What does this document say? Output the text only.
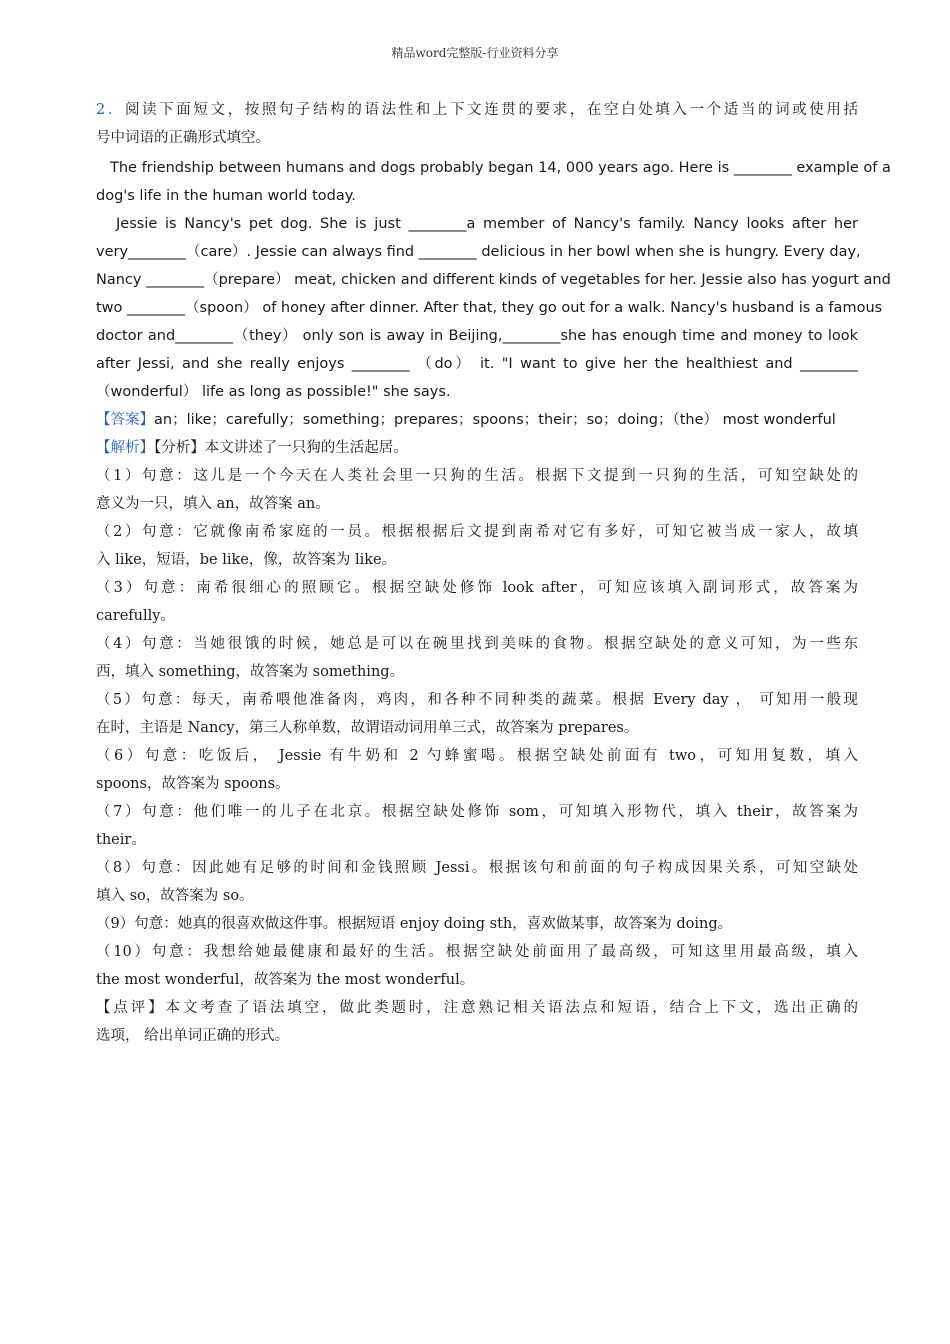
精品word完整版-行业资料分享
2．阅读下面短文，按照句子结构的语法性和上下文连贯的要求，在空白处填入一个适当的词或使用括
号中词语的正确形式填空。
The friendship between humans and dogs probably began 14, 000 years ago. Here is ________ example of a
dog's life in the human world today.
Jessie is Nancy's pet dog. She is just ________a member of Nancy's family. Nancy looks after her
very________（care）. Jessie can always find ________ delicious in her bowl when she is hungry. Every day,
Nancy ________（prepare） meat, chicken and different kinds of vegetables for her. Jessie also has yogurt and
two ________（spoon） of honey after dinner. After that, they go out for a walk. Nancy's husband is a famous
doctor and________（they） only son is away in Beijing,________she has enough time and money to look
after Jessi, and she really enjoys ________ （do） it. "I want to give her the healthiest and ________
（wonderful） life as long as possible!" she says.
【答案】an；like；carefully；something；prepares；spoons；their；so；doing；（the） most wonderful
【解析】【分析】本文讲述了一只狗的生活起居。
（1）句意：这儿是一个今天在人类社会里一只狗的生活。根据下文提到一只狗的生活，可知空缺处的
意义为一只，填入 an，故答案 an。
（2）句意：它就像南希家庭的一员。根据根据后文提到南希对它有多好，可知它被当成一家人，故填
入 like，短语，be like，像，故答案为 like。
（3）句意：南希很细心的照顾它。根据空缺处修饰 look after，可知应该填入副词形式，故答案为
carefully。
（4）句意：当她很饿的时候，她总是可以在碗里找到美味的食物。根据空缺处的意义可知，为一些东
西，填入 something，故答案为 something。
（5）句意：每天，南希喂他准备肉，鸡肉，和各种不同种类的蔬菜。根据 Every day ， 可知用一般现
在时，主语是 Nancy，第三人称单数，故谓语动词用单三式，故答案为 prepares。
（6）句意：吃饭后， Jessie 有牛奶和 2 勺蜂蜜喝。根据空缺处前面有 two，可知用复数，填入
spoons，故答案为 spoons。
（7）句意：他们唯一的儿子在北京。根据空缺处修饰 som，可知填入形物代，填入 their，故答案为
their。
（8）句意：因此她有足够的时间和金钱照顾 Jessi。根据该句和前面的句子构成因果关系，可知空缺处
填入 so，故答案为 so。
（9）句意：她真的很喜欢做这件事。根据短语 enjoy doing sth，喜欢做某事，故答案为 doing。
（10）句意：我想给她最健康和最好的生活。根据空缺处前面用了最高级，可知这里用最高级，填入
the most wonderful，故答案为 the most wonderful。
【点评】本文考查了语法填空，做此类题时，注意熟记相关语法点和短语，结合上下文，选出正确的
选项， 给出单词正确的形式。
